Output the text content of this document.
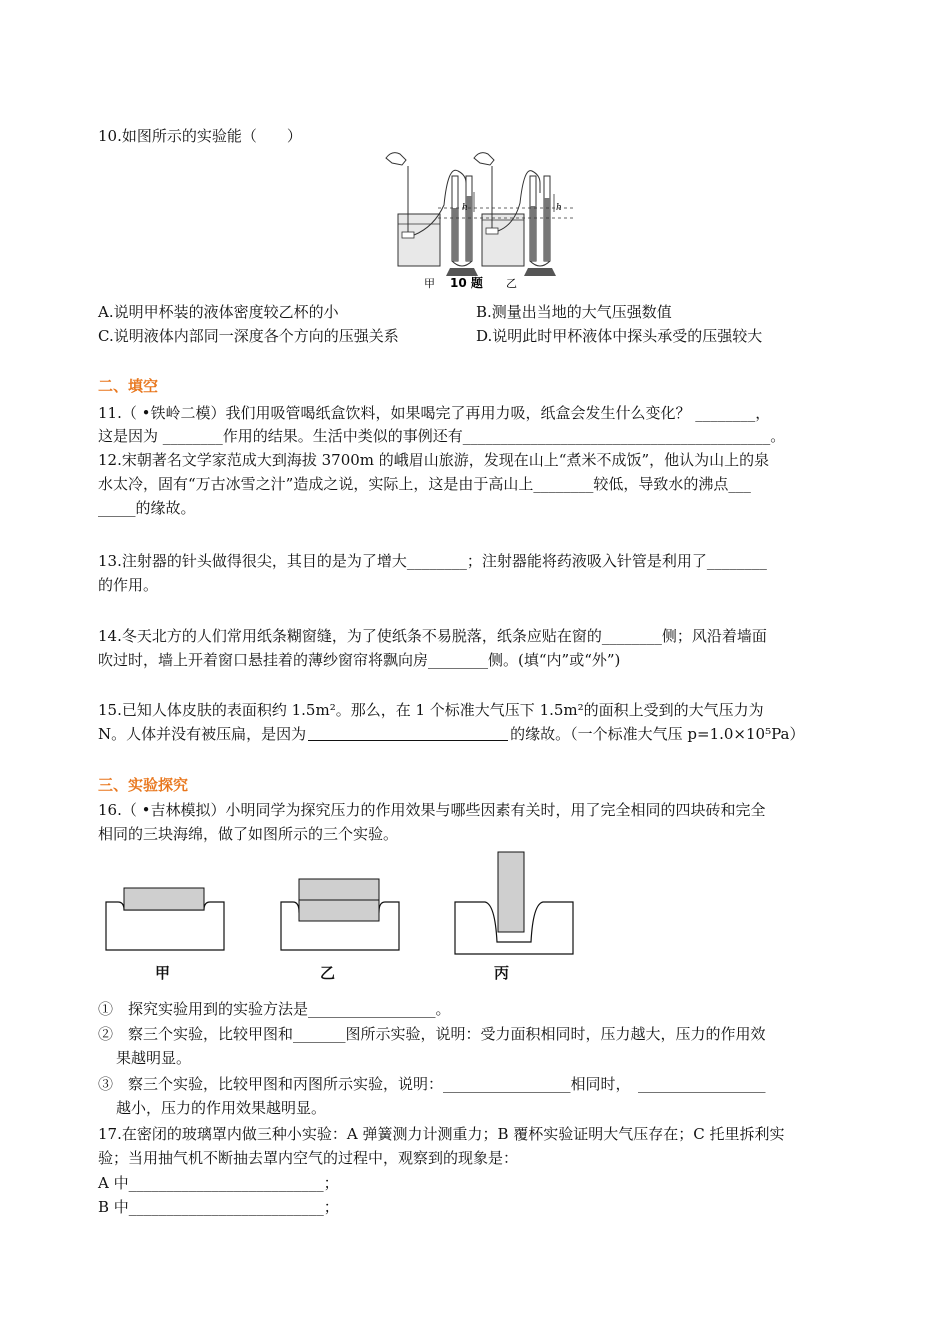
10.如图所示的实验能（　　）
h	h
甲 10 题 乙
A.说明甲杯装的液体密度较乙杯的小	B.测量出当地的大气压强数值
C.说明液体内部同一深度各个方向的压强关系	D.说明此时甲杯液体中探头承受的压强较大
二、填空
11.（ •铁岭二模）我们用吸管喝纸盒饮料，如果喝完了再用力吸，纸盒会发生什么变化？ ________，
这是因为 ________作用的结果。生活中类似的事例还有_________________________________________。
12.宋朝著名文学家范成大到海拔 3700m 的峨眉山旅游，发现在山上“煮米不成饭”，他认为山上的泉
水太冷，固有“万古冰雪之汁”造成之说，实际上，这是由于高山上________较低，导致水的沸点___
_____的缘故。
13.注射器的针头做得很尖，其目的是为了增大________；注射器能将药液吸入针管是利用了________
的作用。
14.冬天北方的人们常用纸条糊窗缝，为了使纸条不易脱落，纸条应贴在窗的________侧；风沿着墙面
吹过时，墙上开着窗口悬挂着的薄纱窗帘将飘向房________侧。(填“内”或“外”)
15.已知人体皮肤的表面积约 1.5m²。那么，在 1 个标准大气压下 1.5m²的面积上受到的大气压力为
N。人体并没有被压扁，是因为	的缘故。（一个标准大气压 p=1.0×10⁵Pa）
三、实验探究
16.（ •吉林模拟）小明同学为探究压力的作用效果与哪些因素有关时，用了完全相同的四块砖和完全
相同的三块海绵，做了如图所示的三个实验。
甲	乙	丙
①　探究实验用到的实验方法是_________________。
②　察三个实验，比较甲图和_______图所示实验，说明：受力面积相同时，压力越大，压力的作用效
果越明显。
③　察三个实验，比较甲图和丙图所示实验，说明：_________________相同时，　_________________
越小，压力的作用效果越明显。
17.在密闭的玻璃罩内做三种小实验：A 弹簧测力计测重力；B 覆杯实验证明大气压存在；C 托里拆利实
验；当用抽气机不断抽去罩内空气的过程中，观察到的现象是：
A 中__________________________；
B 中__________________________；
